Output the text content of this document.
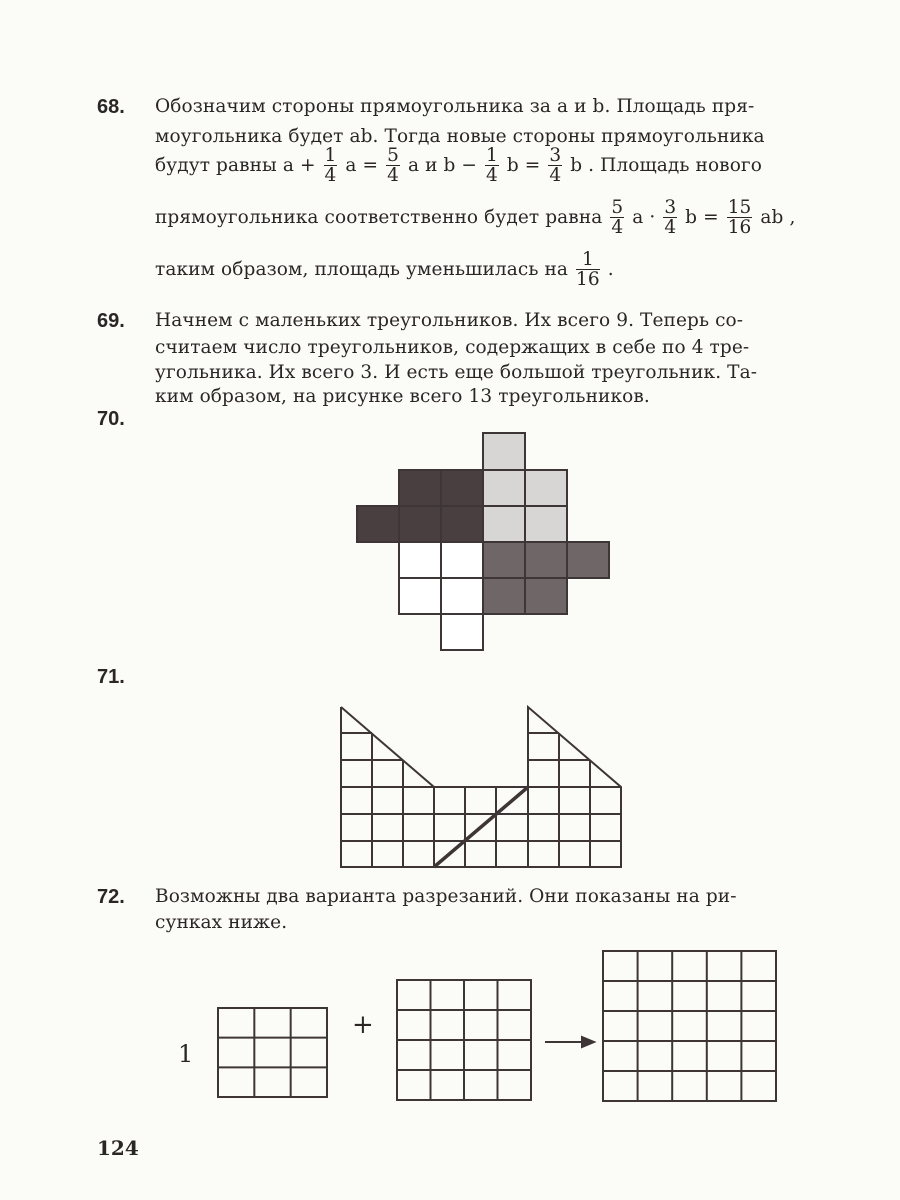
68. Обозначим стороны прямоугольника за a и b. Площадь пря-
моугольника будет ab. Тогда новые стороны прямоугольника
будут равны $a + \frac{1}{4}$ $a = \frac{5}{4}$ a и $b - \frac{1}{4}$ $b = \frac{3}{4}$ b . Площадь нового
прямоугольника соответственно будет равна $\frac{5}{4}$ $a \cdot \frac{3}{4}$ $b = \frac{15}{16}$ ab ,
таким образом, площадь уменьшилась на $\frac{1}{16}$ .
69. Начнем с маленьких треугольников. Их всего 9. Теперь со-
считаем число треугольников, содержащих в себе по 4 тре-
угольника. Их всего 3. И есть еще большой треугольник. Та-
ким образом, на рисунке всего 13 треугольников.
70.
71.
72. Возможны два варианта разрезаний. Они показаны на ри-
сунках ниже.
1
+
124
